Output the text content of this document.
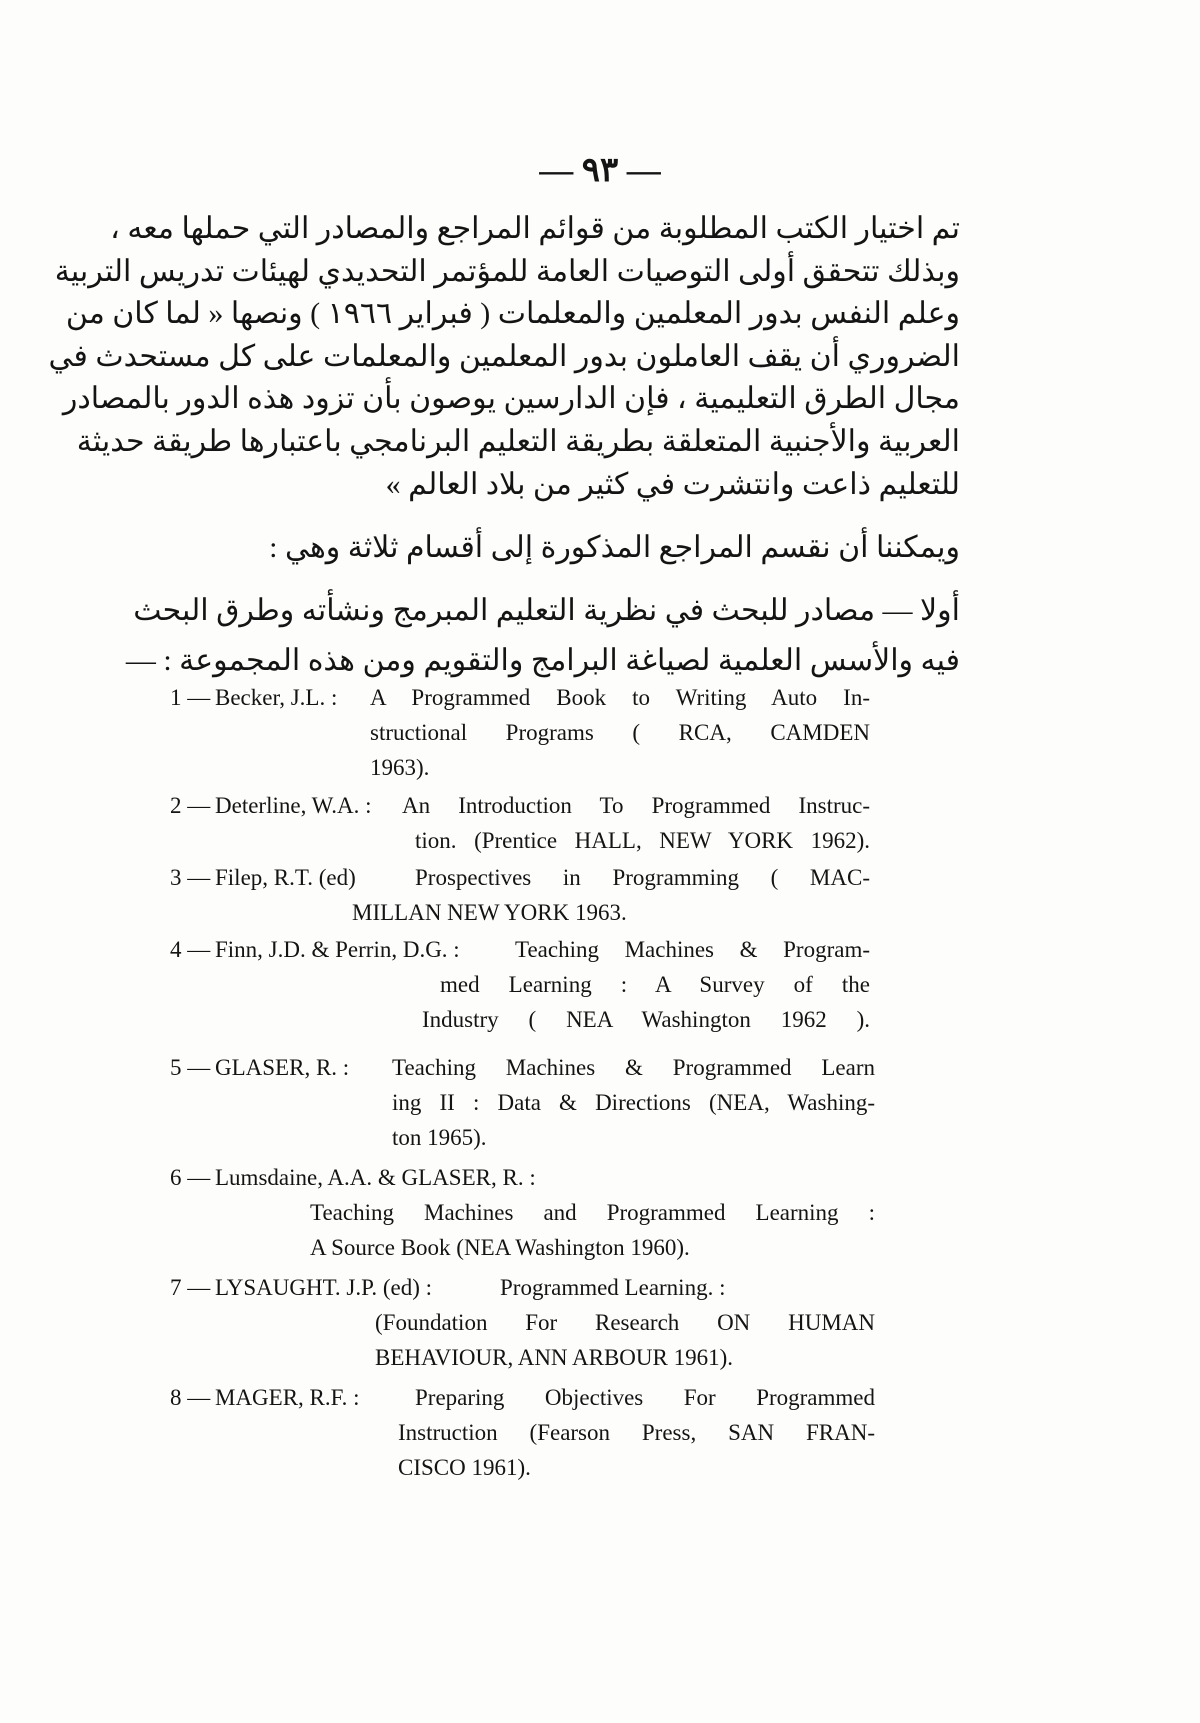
— ٩٣ —
تم اختيار الكتب المطلوبة من قوائم المراجع والمصادر التي حملها معه ،
وبذلك تتحقق أولى التوصيات العامة للمؤتمر التحديدي لهيئات تدريس التربية
وعلم النفس بدور المعلمين والمعلمات ( فبراير ١٩٦٦ ) ونصها « لما كان من
الضروري أن يقف العاملون بدور المعلمين والمعلمات على كل مستحدث في
مجال الطرق التعليمية ، فإن الدارسين يوصون بأن تزود هذه الدور بالمصادر
العربية والأجنبية المتعلقة بطريقة التعليم البرنامجي باعتبارها طريقة حديثة
للتعليم ذاعت وانتشرت في كثير من بلاد العالم »
ويمكننا أن نقسم المراجع المذكورة إلى أقسام ثلاثة وهي :
أولا — مصادر للبحث في نظرية التعليم المبرمج ونشأته وطرق البحث
فيه والأسس العلمية لصياغة البرامج والتقويم ومن هذه المجموعة : —
1 — Becker, J.L. : A Programmed Book to Writing Auto In-
structional Programs ( RCA, CAMDEN
1963).
2 — Deterline, W.A. : An Introduction To Programmed Instruc-
tion. (Prentice HALL, NEW YORK 1962).
3 — Filep, R.T. (ed)	Prospectives in Programming ( MAC-
MILLAN NEW YORK 1963.
4 — Finn, J.D. & Perrin, D.G. : Teaching Machines & Program-
med Learning : A Survey of the
Industry ( NEA Washington 1962 ).
5 — GLASER, R. : Teaching Machines & Programmed Learn
ing II : Data & Directions (NEA, Washing-
ton 1965).
6 — Lumsdaine, A.A. & GLASER, R. :
Teaching Machines and Programmed Learning :
A Source Book (NEA Washington 1960).
7 — LYSAUGHT. J.P. (ed) :	Programmed Learning. :
(Foundation For Research ON HUMAN
BEHAVIOUR, ANN ARBOUR 1961).
8 — MAGER, R.F. : Preparing Objectives For Programmed
Instruction (Fearson Press, SAN FRAN-
CISCO 1961).
